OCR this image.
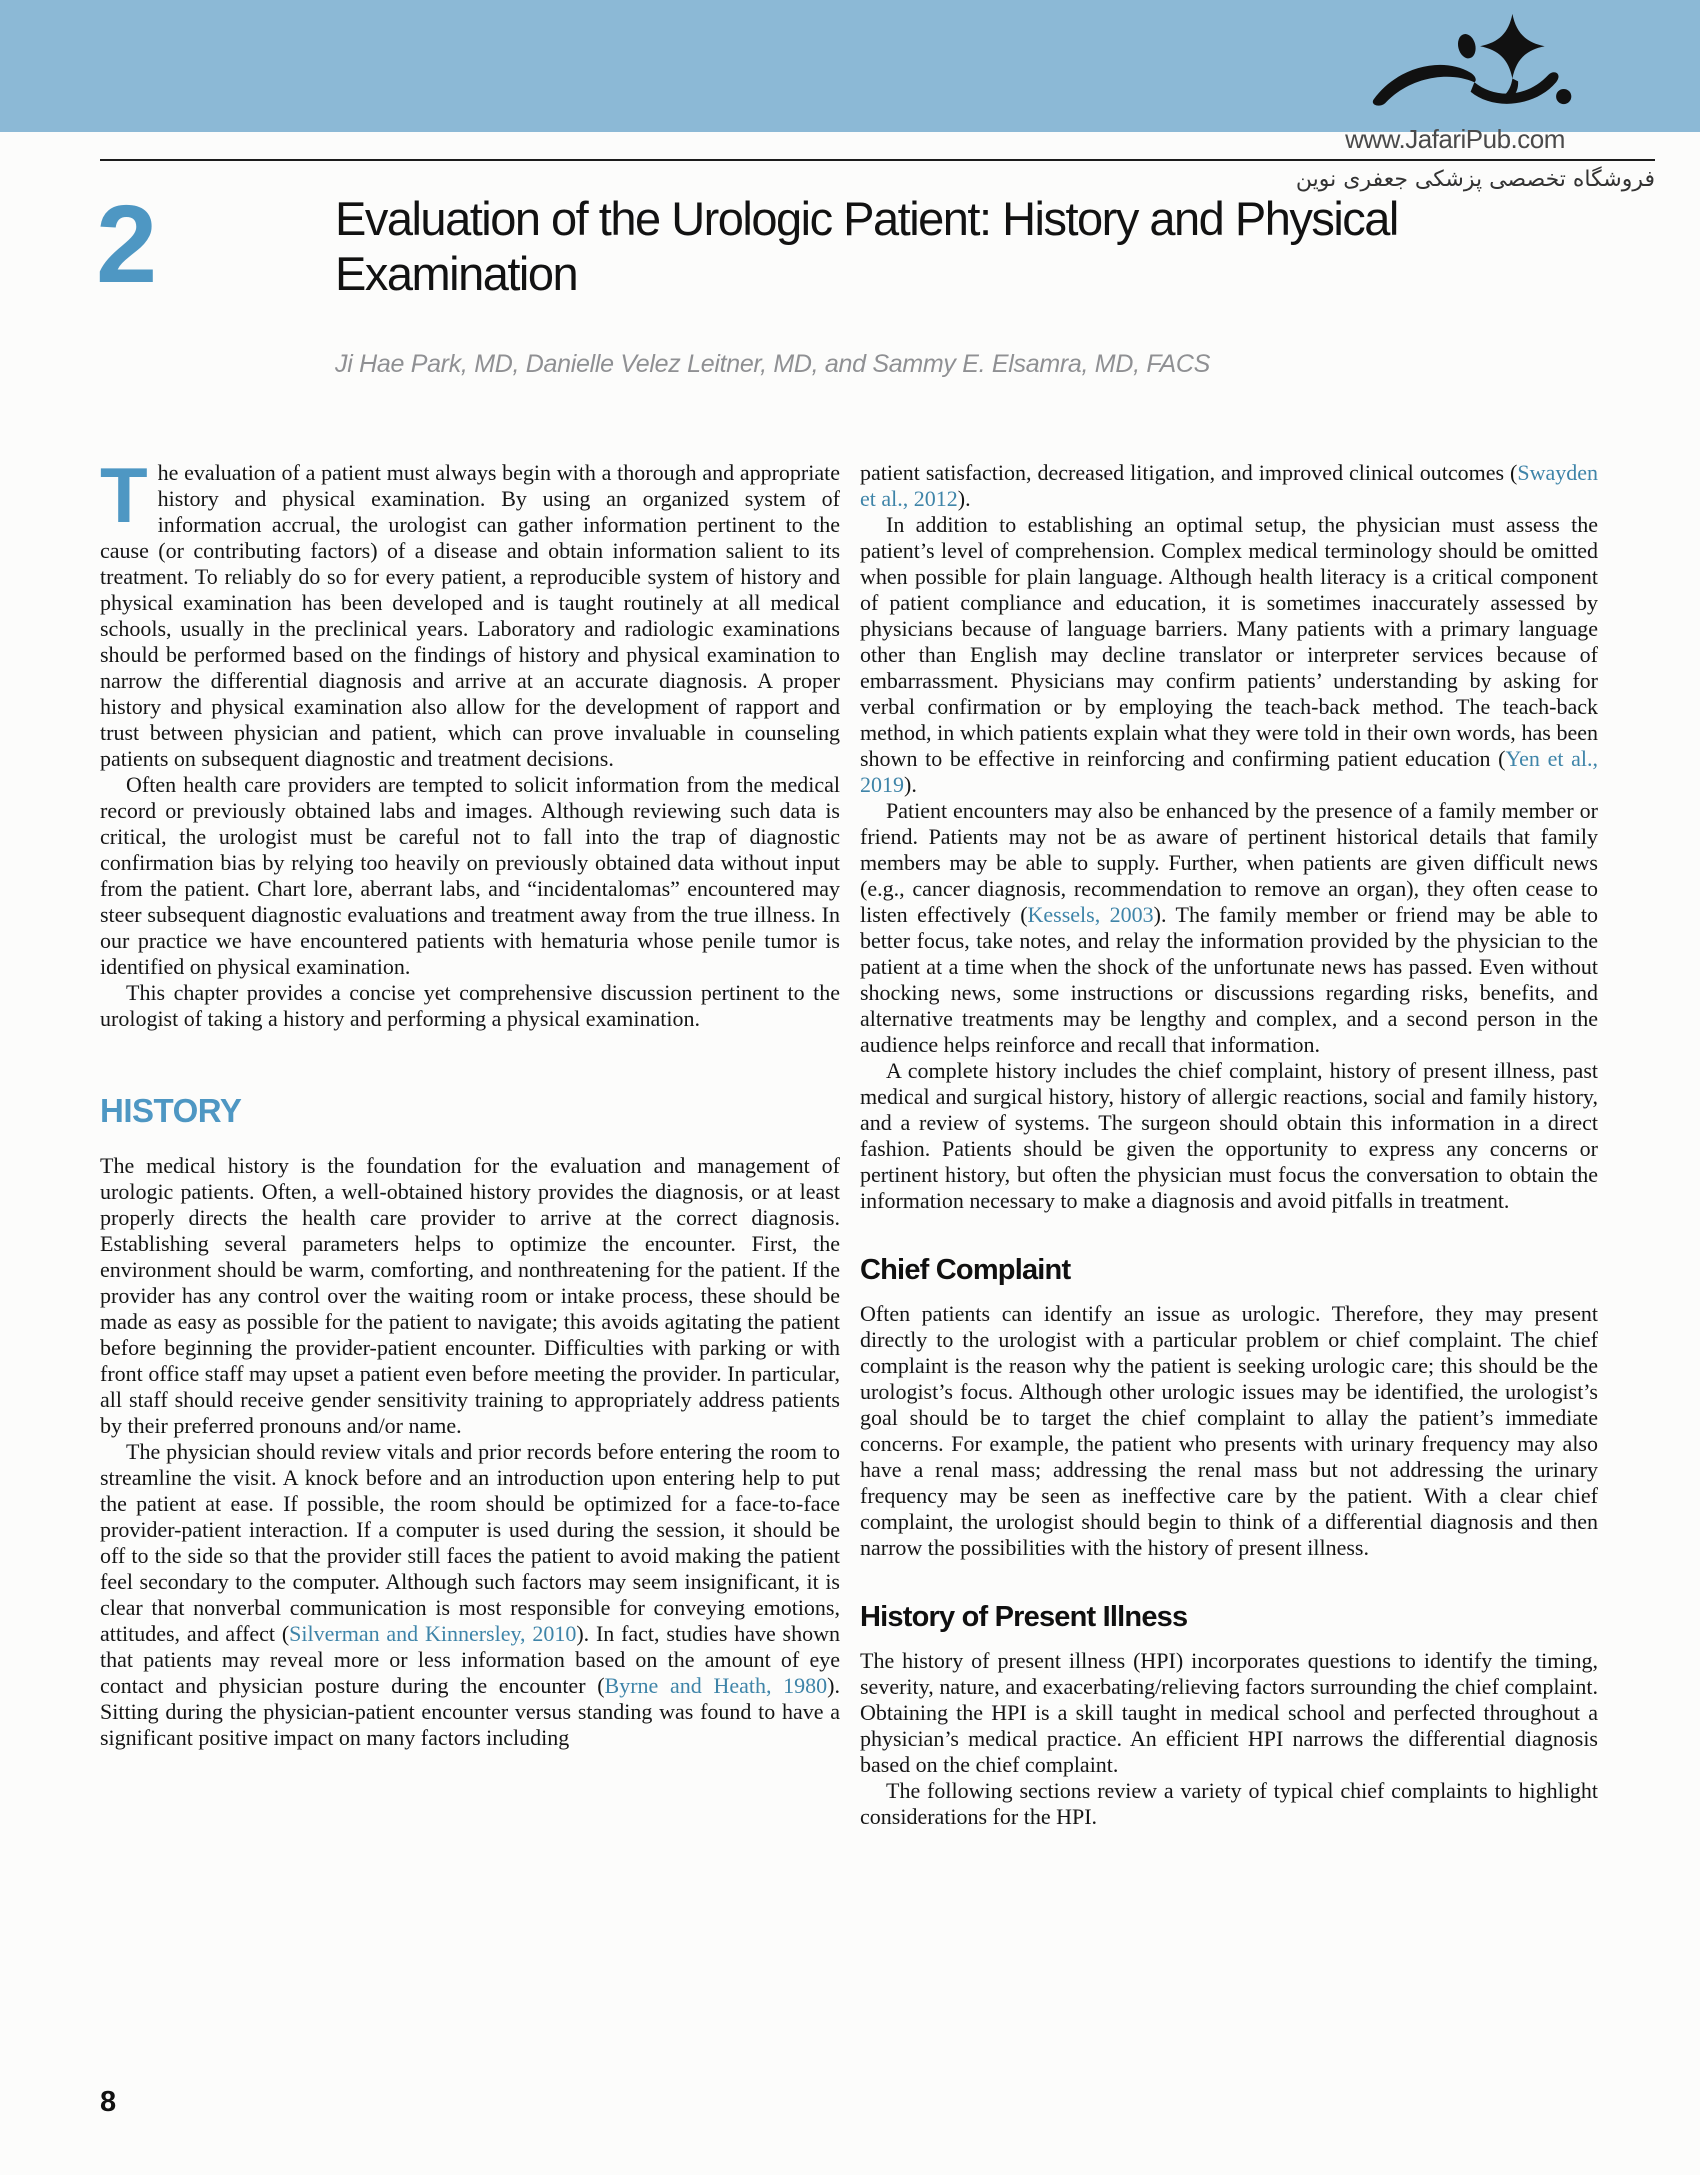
www.JafariPub.com
فروشگاه تخصصی پزشکی جعفری نوین
2	Evaluation of the Urologic Patient: History and Physical Examination
Ji Hae Park, MD, Danielle Velez Leitner, MD, and Sammy E. Elsamra, MD, FACS

The evaluation of a patient must always begin with a thorough and appropriate history and physical examination. By using an organized system of information accrual, the urologist can gather information pertinent to the cause (or contributing factors) of a disease and obtain information salient to its treatment. To reliably do so for every patient, a reproducible system of history and physical examination has been developed and is taught routinely at all medical schools, usually in the preclinical years. Laboratory and radiologic examinations should be performed based on the findings of history and physical examination to narrow the differential diagnosis and arrive at an accurate diagnosis. A proper history and physical examination also allow for the development of rapport and trust between physician and patient, which can prove invaluable in counseling patients on subsequent diagnostic and treatment decisions.

Often health care providers are tempted to solicit information from the medical record or previously obtained labs and images. Although reviewing such data is critical, the urologist must be careful not to fall into the trap of diagnostic confirmation bias by relying too heavily on previously obtained data without input from the patient. Chart lore, aberrant labs, and “incidentalomas” encountered may steer subsequent diagnostic evaluations and treatment away from the true illness. In our practice we have encountered patients with hematuria whose penile tumor is identified on physical examination.

This chapter provides a concise yet comprehensive discussion pertinent to the urologist of taking a history and performing a physical examination.

HISTORY

The medical history is the foundation for the evaluation and management of urologic patients. Often, a well-obtained history provides the diagnosis, or at least properly directs the health care provider to arrive at the correct diagnosis. Establishing several parameters helps to optimize the encounter. First, the environment should be warm, comforting, and nonthreatening for the patient. If the provider has any control over the waiting room or intake process, these should be made as easy as possible for the patient to navigate; this avoids agitating the patient before beginning the provider-patient encounter. Difficulties with parking or with front office staff may upset a patient even before meeting the provider. In particular, all staff should receive gender sensitivity training to appropriately address patients by their preferred pronouns and/or name.

The physician should review vitals and prior records before entering the room to streamline the visit. A knock before and an introduction upon entering help to put the patient at ease. If possible, the room should be optimized for a face-to-face provider-patient interaction. If a computer is used during the session, it should be off to the side so that the provider still faces the patient to avoid making the patient feel secondary to the computer. Although such factors may seem insignificant, it is clear that nonverbal communication is most responsible for conveying emotions, attitudes, and affect (Silverman and Kinnersley, 2010). In fact, studies have shown that patients may reveal more or less information based on the amount of eye contact and physician posture during the encounter (Byrne and Heath, 1980). Sitting during the physician-patient encounter versus standing was found to have a significant positive impact on many factors including

patient satisfaction, decreased litigation, and improved clinical outcomes (Swayden et al., 2012).

In addition to establishing an optimal setup, the physician must assess the patient’s level of comprehension. Complex medical terminology should be omitted when possible for plain language. Although health literacy is a critical component of patient compliance and education, it is sometimes inaccurately assessed by physicians because of language barriers. Many patients with a primary language other than English may decline translator or interpreter services because of embarrassment. Physicians may confirm patients’ understanding by asking for verbal confirmation or by employing the teach-back method. The teach-back method, in which patients explain what they were told in their own words, has been shown to be effective in reinforcing and confirming patient education (Yen et al., 2019).

Patient encounters may also be enhanced by the presence of a family member or friend. Patients may not be as aware of pertinent historical details that family members may be able to supply. Further, when patients are given difficult news (e.g., cancer diagnosis, recommendation to remove an organ), they often cease to listen effectively (Kessels, 2003). The family member or friend may be able to better focus, take notes, and relay the information provided by the physician to the patient at a time when the shock of the unfortunate news has passed. Even without shocking news, some instructions or discussions regarding risks, benefits, and alternative treatments may be lengthy and complex, and a second person in the audience helps reinforce and recall that information.

A complete history includes the chief complaint, history of present illness, past medical and surgical history, history of allergic reactions, social and family history, and a review of systems. The surgeon should obtain this information in a direct fashion. Patients should be given the opportunity to express any concerns or pertinent history, but often the physician must focus the conversation to obtain the information necessary to make a diagnosis and avoid pitfalls in treatment.

Chief Complaint

Often patients can identify an issue as urologic. Therefore, they may present directly to the urologist with a particular problem or chief complaint. The chief complaint is the reason why the patient is seeking urologic care; this should be the urologist’s focus. Although other urologic issues may be identified, the urologist’s goal should be to target the chief complaint to allay the patient’s immediate concerns. For example, the patient who presents with urinary frequency may also have a renal mass; addressing the renal mass but not addressing the urinary frequency may be seen as ineffective care by the patient. With a clear chief complaint, the urologist should begin to think of a differential diagnosis and then narrow the possibilities with the history of present illness.

History of Present Illness

The history of present illness (HPI) incorporates questions to identify the timing, severity, nature, and exacerbating/relieving factors surrounding the chief complaint. Obtaining the HPI is a skill taught in medical school and perfected throughout a physician’s medical practice. An efficient HPI narrows the differential diagnosis based on the chief complaint.

The following sections review a variety of typical chief complaints to highlight considerations for the HPI.

8
